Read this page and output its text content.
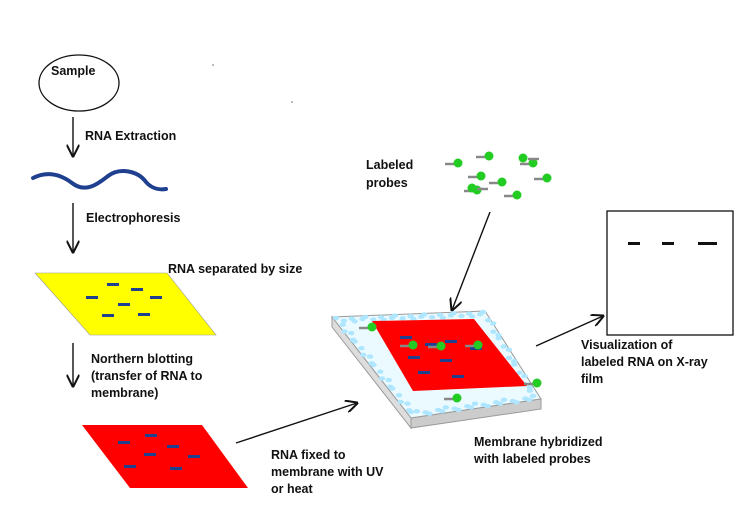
Sample
RNA Extraction
Electrophoresis
RNA separated by size
Northern blotting
(transfer of RNA to
membrane)
RNA fixed to
membrane with UV
or heat
Labeled
probes
Membrane hybridized
with labeled probes
Visualization of
labeled RNA on X-ray
film
